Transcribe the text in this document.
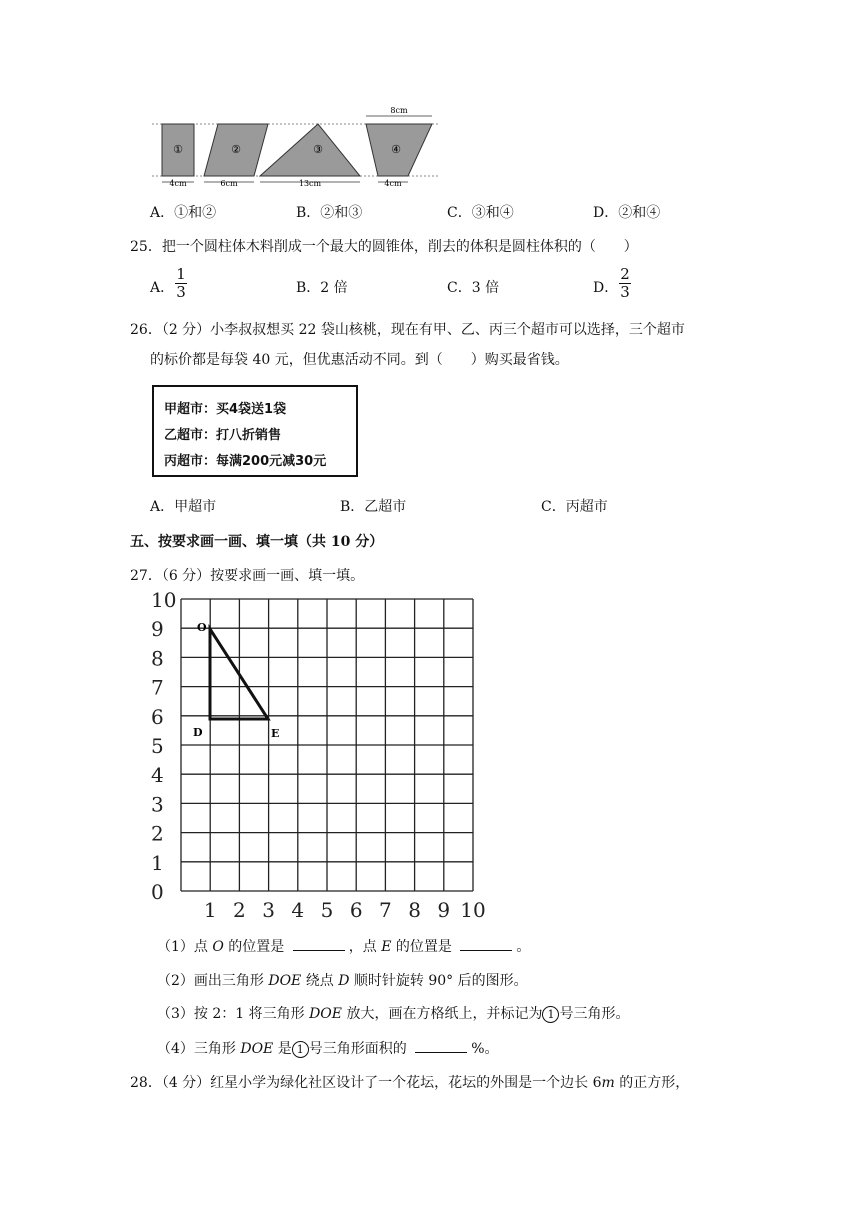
①	②	③	④
4cm	6cm	13cm	4cm
8cm
A．①和②	B．②和③	C．③和④	D．②和④
25．把一个圆柱体木料削成一个最大的圆锥体，削去的体积是圆柱体积的（　　）
A．
1
3	B．2 倍	C．3 倍	D．
2
3
26．（2 分）小李叔叔想买 22 袋山核桃，现在有甲、乙、丙三个超市可以选择，三个超市
的标价都是每袋 40 元，但优惠活动不同。到（　　）购买最省钱。
甲超市：买4袋送1袋
乙超市：打八折销售
丙超市：每满200元减30元
A．甲超市	B．乙超市	C．丙超市
五、按要求画一画、填一填（共 10 分）
27．（6 分）按要求画一画、填一填。
10
9
8
7
6
5
4
3
2
1
0
1 2 3 4 5 6 7 8 9 10
O
D	E
（1）点 O 的位置是	，点 E 的位置是	。
（2）画出三角形 DOE 绕点 D 顺时针旋转 90° 后的图形。
（3）按 2：1 将三角形 DOE 放大，画在方格纸上，并标记为 1 号三角形。
（4）三角形 DOE 是 1 号三角形面积的	%。
28．（4 分）红星小学为绿化社区设计了一个花坛，花坛的外围是一个边长 6m 的正方形，
